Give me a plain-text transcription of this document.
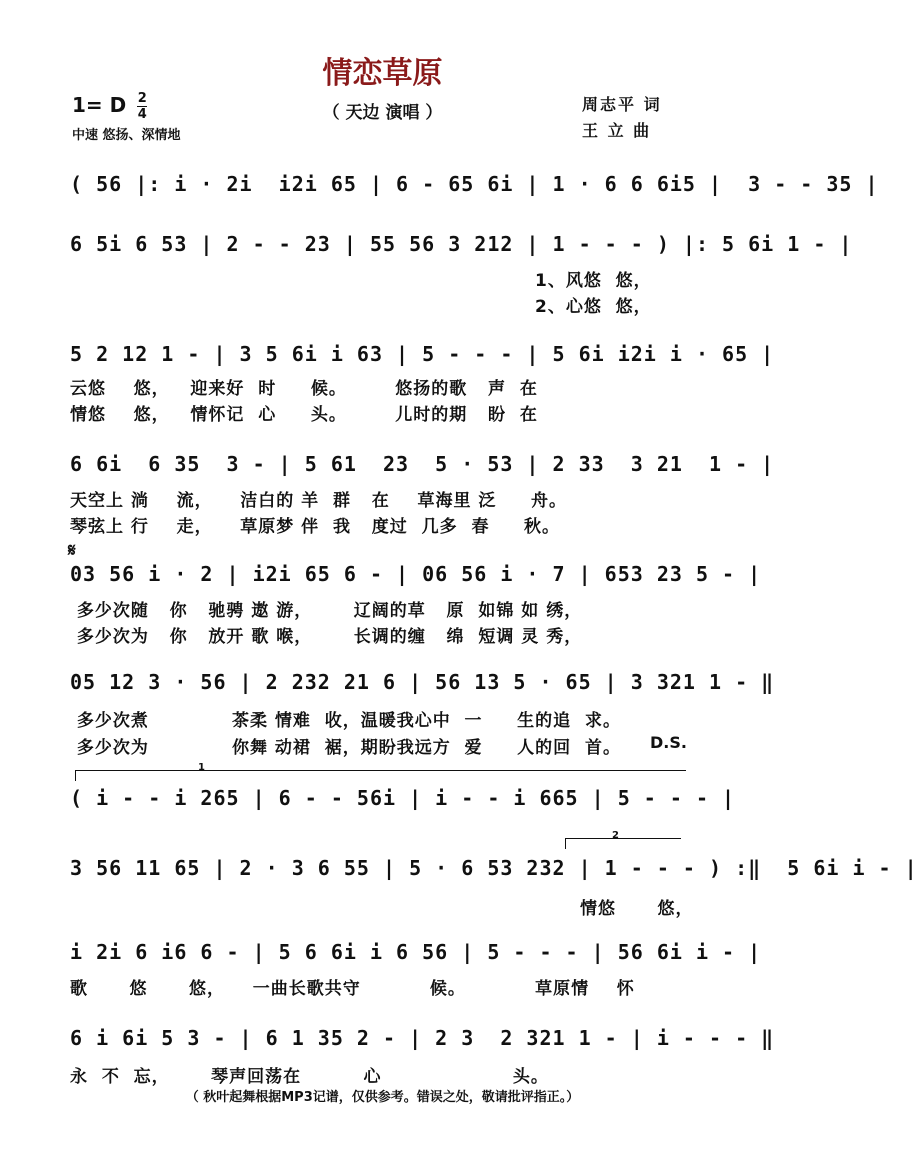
情恋草原
1= D $\frac{2}{4}$
中速 悠扬、深情地
（ 天边 演唱 ）	周志平 词
王 立 曲
( 56 |: i · 2i  i2i 65 | 6 - 65 6i | 1 · 6 6 6i5 |  3 - - 35 |
6 5i 6 53 | 2 - - 23 | 55 56 3 212 | 1 - - - ) |: 5 6i 1 - |
1、风悠  悠，
2、心悠  悠，
5 2 12 1 - | 3 5 6i i 63 | 5 - - - | 5 6i i2i i · 65 |
云悠    悠，   迎来好  时     候。       悠扬的歌   声  在
情悠    悠，   情怀记  心     头。       儿时的期   盼  在
6 6i  6 35  3 - | 5 61  23  5 · 53 | 2 33  3 21  1 - |
天空上 淌    流，    洁白的 羊  群   在    草海里 泛     舟。
琴弦上 行    走，    草原梦 伴  我   度过  几多  春     秋。
𝄋
03 56 i · 2 | i2i 65 6 - | 06 56 i · 7 | 653 23 5 - |
多少次随   你   驰骋 遨 游，      辽阔的草   原  如锦 如 绣，
多少次为   你   放开 歌 喉，      长调的缠   绵  短调 灵 秀，
05 12 3 · 56 | 2 232 21 6 | 56 13 5 · 65 | 3 321 1 - ‖
多少次煮            茶柔 情难  收，温暖我心中  一     生的追  求。
多少次为            你舞 动裙  裾，期盼我远方  爱     人的回  首。 D.S.
1
( i - - i 265 | 6 - - 56i | i - - i 665 | 5 - - - |
2
3 56 11 65 | 2 · 3 6 55 | 5 · 6 53 232 | 1 - - - ) :‖  5 6i i - |
情悠      悠，
i 2i 6 i6 6 - | 5 6 6i i 6 56 | 5 - - - | 56 6i i - |
歌      悠      悠，    一曲长歌共守          候。          草原情    怀
6 i 6i 5 3 - | 6 1 35 2 - | 2 3  2 321 1 - | i - - - ‖
永  不  忘，      琴声回荡在         心                   头。
（ 秋叶起舞根据MP3记谱，仅供参考。错误之处，敬请批评指正。）
